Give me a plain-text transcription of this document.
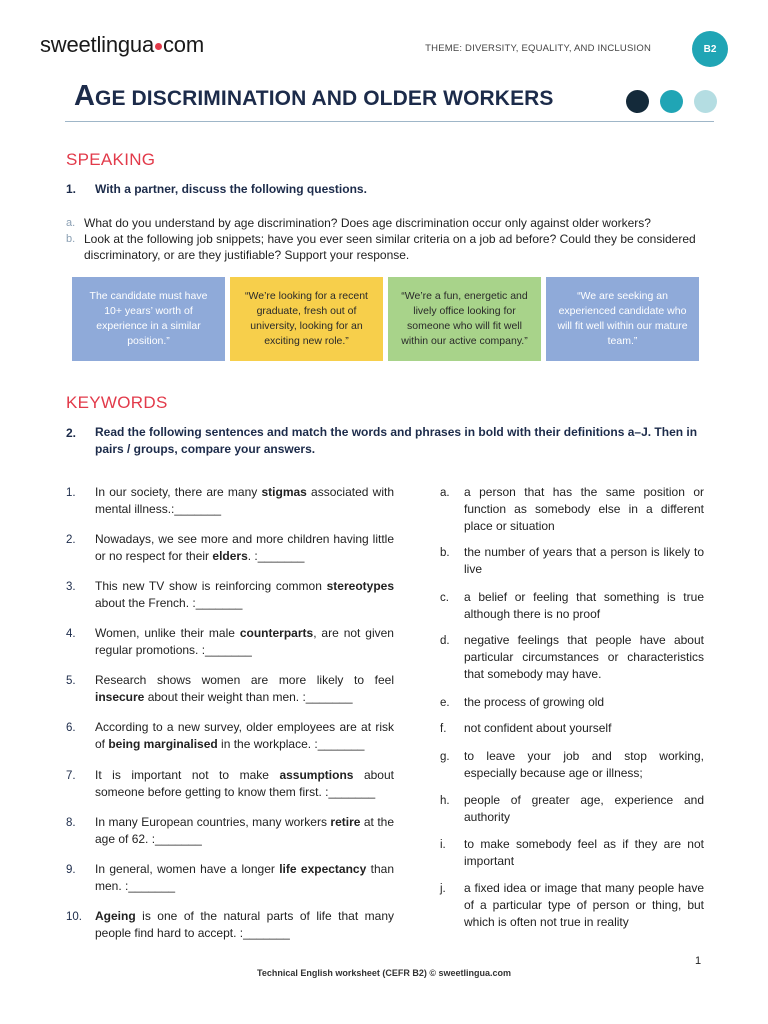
sweetlingua com	THEME: DIVERSITY, EQUALITY, AND INCLUSION	B2
AGE DISCRIMINATION AND OLDER WORKERS
SPEAKING
1. With a partner, discuss the following questions.
a. What do you understand by age discrimination? Does age discrimination occur only against older workers?
b. Look at the following job snippets; have you ever seen similar criteria on a job ad before? Could they be considered discriminatory, or are they justifiable? Support your response.
The candidate must have 10+ years’ worth of experience in a similar position.”
“We’re looking for a recent graduate, fresh out of university, looking for an exciting new role.”
“We’re a fun, energetic and lively office looking for someone who will fit well within our active company.”
“We are seeking an experienced candidate who will fit well within our mature team.”
KEYWORDS
2. Read the following sentences and match the words and phrases in bold with their definitions a–J. Then in pairs / groups, compare your answers.
1. In our society, there are many stigmas associated with mental illness.:_______
2. Nowadays, we see more and more children having little or no respect for their elders. :_______
3. This new TV show is reinforcing common stereotypes about the French. :_______
4. Women, unlike their male counterparts, are not given regular promotions. :_______
5. Research shows women are more likely to feel insecure about their weight than men. :_______
6. According to a new survey, older employees are at risk of being marginalised in the workplace. :_______
7. It is important not to make assumptions about someone before getting to know them first. :_______
8. In many European countries, many workers retire at the age of 62. :_______
9. In general, women have a longer life expectancy than men. :_______
10. Ageing is one of the natural parts of life that many people find hard to accept. :_______
a. a person that has the same position or function as somebody else in a different place or situation
b. the number of years that a person is likely to live
c. a belief or feeling that something is true although there is no proof
d. negative feelings that people have about particular circumstances or characteristics that somebody may have.
e. the process of growing old
f. not confident about yourself
g. to leave your job and stop working, especially because age or illness;
h. people of greater age, experience and authority
i. to make somebody feel as if they are not important
j. a fixed idea or image that many people have of a particular type of person or thing, but which is often not true in reality
1
Technical English worksheet (CEFR B2) © sweetlingua.com
